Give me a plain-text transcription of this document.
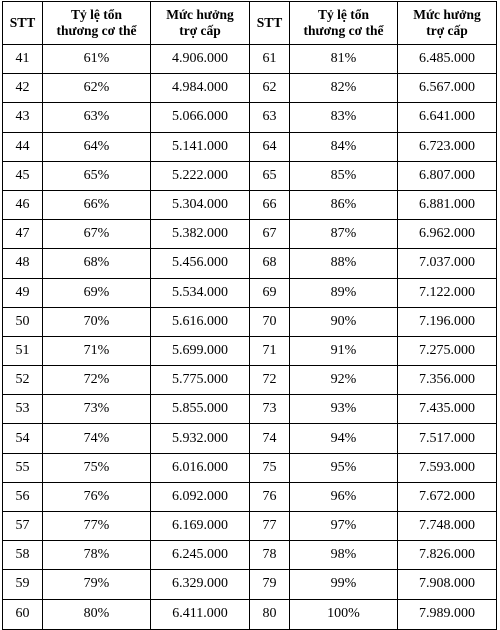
STT	Tỷ lệ tổn thương cơ thể	Mức hưởng trợ cấp	STT	Tỷ lệ tổn thương cơ thể	Mức hưởng trợ cấp
41	61%	4.906.000	61	81%	6.485.000
42	62%	4.984.000	62	82%	6.567.000
43	63%	5.066.000	63	83%	6.641.000
44	64%	5.141.000	64	84%	6.723.000
45	65%	5.222.000	65	85%	6.807.000
46	66%	5.304.000	66	86%	6.881.000
47	67%	5.382.000	67	87%	6.962.000
48	68%	5.456.000	68	88%	7.037.000
49	69%	5.534.000	69	89%	7.122.000
50	70%	5.616.000	70	90%	7.196.000
51	71%	5.699.000	71	91%	7.275.000
52	72%	5.775.000	72	92%	7.356.000
53	73%	5.855.000	73	93%	7.435.000
54	74%	5.932.000	74	94%	7.517.000
55	75%	6.016.000	75	95%	7.593.000
56	76%	6.092.000	76	96%	7.672.000
57	77%	6.169.000	77	97%	7.748.000
58	78%	6.245.000	78	98%	7.826.000
59	79%	6.329.000	79	99%	7.908.000
60	80%	6.411.000	80	100%	7.989.000
